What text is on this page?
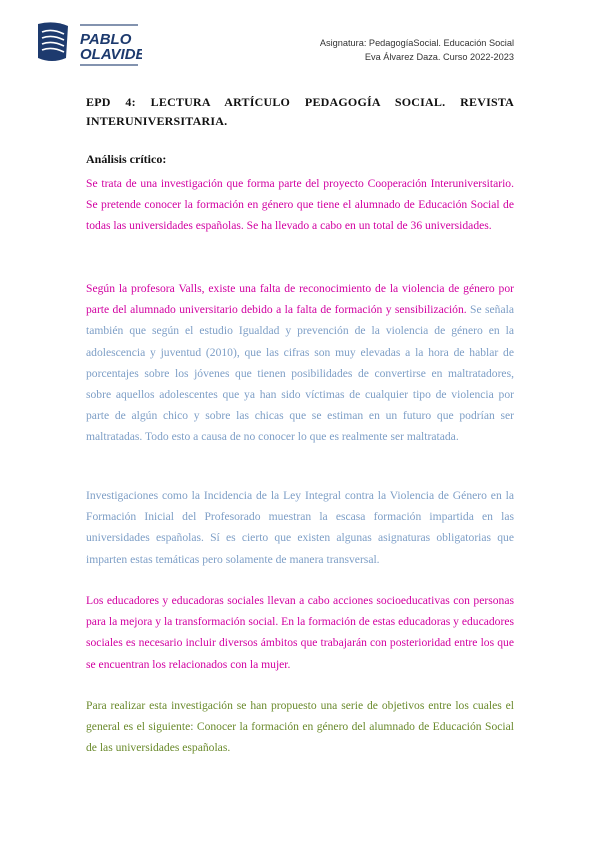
PABLO
OLAVIDE
Asignatura: PedagogíaSocial. Educación Social
Eva Álvarez Daza. Curso 2022-2023
EPD 4: LECTURA ARTÍCULO PEDAGOGÍA SOCIAL. REVISTA INTERUNIVERSITARIA.
Análisis crítico:

Se trata de una investigación que forma parte del proyecto Cooperación Interuniversitario. Se pretende conocer la formación en género que tiene el alumnado de Educación Social de todas las universidades españolas. Se ha llevado a cabo en un total de 36 universidades.

Según la profesora Valls, existe una falta de reconocimiento de la violencia de género por parte del alumnado universitario debido a la falta de formación y sensibilización. Se señala también que según el estudio Igualdad y prevención de la violencia de género en la adolescencia y juventud (2010), que las cifras son muy elevadas a la hora de hablar de porcentajes sobre los jóvenes que tienen posibilidades de convertirse en maltratadores, sobre aquellos adolescentes que ya han sido víctimas de cualquier tipo de violencia por parte de algún chico y sobre las chicas que se estiman en un futuro que podrían ser maltratadas. Todo esto a causa de no conocer lo que es realmente ser maltratada.

Investigaciones como la Incidencia de la Ley Integral contra la Violencia de Género en la Formación Inicial del Profesorado muestran la escasa formación impartida en las universidades españolas. Sí es cierto que existen algunas asignaturas obligatorias que imparten estas temáticas pero solamente de manera transversal.

Los educadores y educadoras sociales llevan a cabo acciones socioeducativas con personas para la mejora y la transformación social. En la formación de estas educadoras y educadores sociales es necesario incluir diversos ámbitos que trabajarán con posterioridad entre los que se encuentran los relacionados con la mujer.

Para realizar esta investigación se han propuesto una serie de objetivos entre los cuales el general es el siguiente: Conocer la formación en género del alumnado de Educación Social de las universidades españolas.
